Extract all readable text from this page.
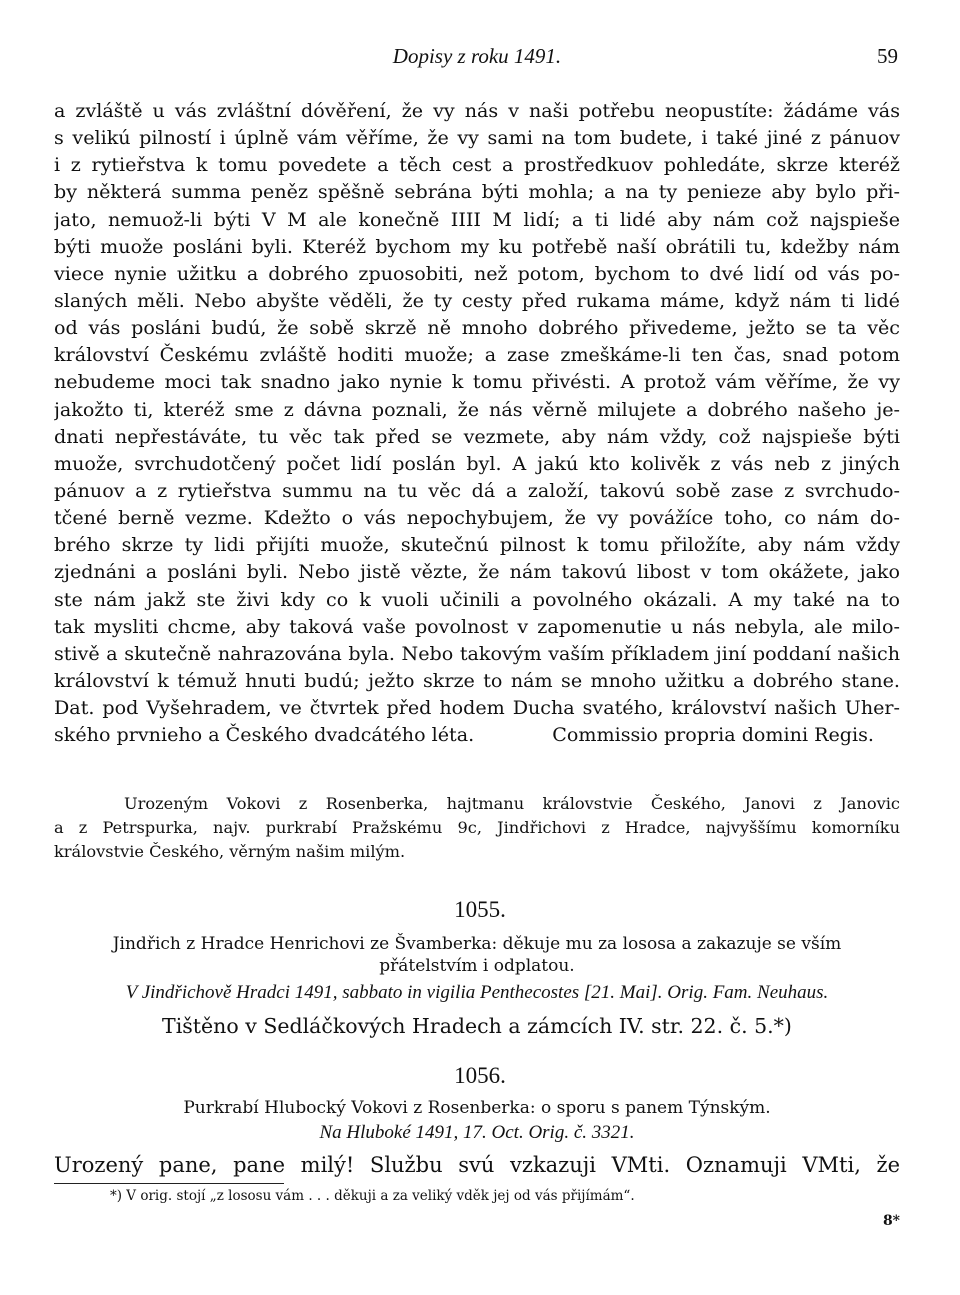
Dopisy z roku 1491.	59
a zvláště u vás zvláštní dóvěření, že vy nás v naši potřebu neopustíte: žádáme vás
s velikú pilností i úplně vám věříme, že vy sami na tom budete, i také jiné z pánuov
i z rytieřstva k tomu povedete a těch cest a prostředkuov pohledáte, skrze kteréž
by některá summa peněz spěšně sebrána býti mohla; a na ty penieze aby bylo při-
jato, nemuož-li býti V M ale konečně IIII M lidí; a ti lidé aby nám což najspieše
býti muože posláni byli. Kteréž bychom my ku potřebě naší obrátili tu, kdežby nám
viece nynie užitku a dobrého zpuosobiti, než potom, bychom to dvé lidí od vás po-
slaných měli. Nebo abyšte věděli, že ty cesty před rukama máme, když nám ti lidé
od vás posláni budú, že sobě skrzě ně mnoho dobrého přivedeme, ježto se ta věc
království Českému zvláště hoditi muože; a zase zmeškáme-li ten čas, snad potom
nebudeme moci tak snadno jako nynie k tomu přivésti. A protož vám věříme, že vy
jakožto ti, kteréž sme z dávna poznali, že nás věrně milujete a dobrého našeho je-
dnati nepřestáváte, tu věc tak před se vezmete, aby nám vždy, což najspieše býti
muože, svrchudotčený počet lidí poslán byl. A jakú kto kolivěk z vás neb z jiných
pánuov a z rytieřstva summu na tu věc dá a založí, takovú sobě zase z svrchudo-
tčené berně vezme. Kdežto o vás nepochybujem, že vy povážíce toho, co nám do-
brého skrze ty lidi přijíti muože, skutečnú pilnost k tomu přiložíte, aby nám vždy
zjednáni a posláni byli. Nebo jistě vězte, že nám takovú libost v tom okážete, jako
ste nám jakž ste živi kdy co k vuoli učinili a povolného okázali. A my také na to
tak mysliti chcme, aby taková vaše povolnost v zapomenutie u nás nebyla, ale milo-
stivě a skutečně nahrazována byla. Nebo takovým vaším příkladem jiní poddaní našich
království k témuž hnuti budú; ježto skrze to nám se mnoho užitku a dobrého stane.
Dat. pod Vyšehradem, ve čtvrtek před hodem Ducha svatého, království našich Uher-
ského prvnieho a Českého dvadcátého léta.	Commissio propria domini Regis.
Urozeným Vokovi z Rosenberka, hajtmanu královstvie Českého, Janovi z Janovic
a z Petrspurka, najv. purkrabí Pražskému 9c, Jindřichovi z Hradce, najvyššímu komorníku
královstvie Českého, věrným našim milým.
1055.
Jindřich z Hradce Henrichovi ze Švamberka: děkuje mu za lososa a zakazuje se vším
přátelstvím i odplatou.
V Jindřichově Hradci 1491, sabbato in vigilia Penthecostes [21. Mai]. Orig. Fam. Neuhaus.
Tištěno v Sedláčkových Hradech a zámcích IV. str. 22. č. 5.*)
1056.
Purkrabí Hlubocký Vokovi z Rosenberka: o sporu s panem Týnským.
Na Hluboké 1491, 17. Oct. Orig. č. 3321.
Urozený pane, pane milý! Službu svú vzkazuji VMti. Oznamuji VMti, že
*) V orig. stojí „z lososu vám . . . děkuji a za veliký vděk jej od vás přijímám“.
8*
